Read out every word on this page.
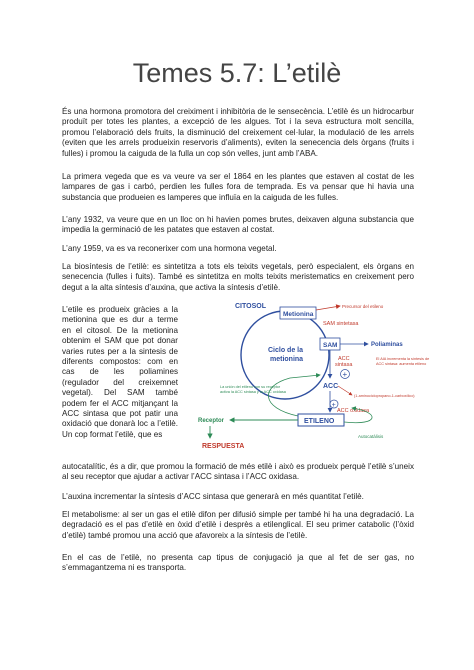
Temes 5.7: L’etilè

És una hormona promotora del creiximent i inhibitòria de le sensecència. L’etilè és un hidrocarbur produït per totes les plantes, a excepció de les algues. Tot i la seva estructura molt sencilla, promou l’elaboració dels fruits, la disminució del creixement cel·lular, la modulació de les arrels (eviten que les arrels produeixin reservoris d’aliments), eviten la senecencia dels òrgans (fruits i fulles) i promou la caiguda de la fulla un cop són velles, junt amb l’ABA.

La primera vegeda que es va veure va ser el 1864 en les plantes que estaven al costat de les lampares de gas i carbó, perdien les fulles fora de temprada. Es va pensar que hi havia una substancia que produeien es lamperes que influïa en la caiguda de les fulles.

L’any 1932, va veure que en un lloc on hi havien pomes brutes, deixaven alguna substancia que impedia la germinació de les patates que estaven al costat.

L’any 1959, va es va reconerixer com una hormona vegetal.

La biosíntesis de l’etilè: es sintetitza a tots els teixits vegetals, però especialent, els òrgans en senecencia (fulles i fuits). També es sintetitza en molts teixits meristematics en creixement pero degut a la alta síntesis d’auxina, que activa la síntesis d’etilè.

L’etile es produeix gràcies a la metionina que es dur a terme en el citosol. De la metionina obtenim el SAM que pot donar varies rutes per a la sintesis de diferents compostos: com en cas de les poliamines (regulador del creixemnet vegetal). Del SAM també podem fer el ACC mitjançant la ACC sintasa que pot patir una oxidació que donarà loc a l’etilè. Un cop format l’etilè, que es

autocatalític, és a dir, que promou la formació de més etilè i això es produeix perquè l’etilè s’uneix al seu receptor que ajudar a activar l’ACC sintasa i l’ACC oxidasa.

L’auxina incrementar la síntesis d’ACC sintasa que generarà en més quantitat l’etilè.

El metabolisme: al ser un gas el etilè difon per difusió simple per també hi ha una degradació. La degradació es el pas d’etilè en òxid d’etilè i desprès a etilenglical. El seu primer catabolic (l’òxid d’etilè) també promou una acció que afavoreix a la síntesis de l’etilè.

En el cas de l’etilè, no presenta cap tipus de conjugació ja que al fet de ser gas, no s’emmagantzema ni es transporta.

CITOSOL
Metionina
Precursor del etileno
SAM sintetasa
Ciclo de la
metionina
SAM	Poliaminas
El AIA incrementa la síntesis de
ACC sintasa: aumenta etileno
ACC
sintasa
+
La unión del etileno con su receptor
activa la ACC sintasa y la ACC oxidasa
ACC
(1-aminociclopropano-1-carboxílico)
ACC oxidasa
+
ETILENO
Receptor
Autocatálisis
RESPUESTA
